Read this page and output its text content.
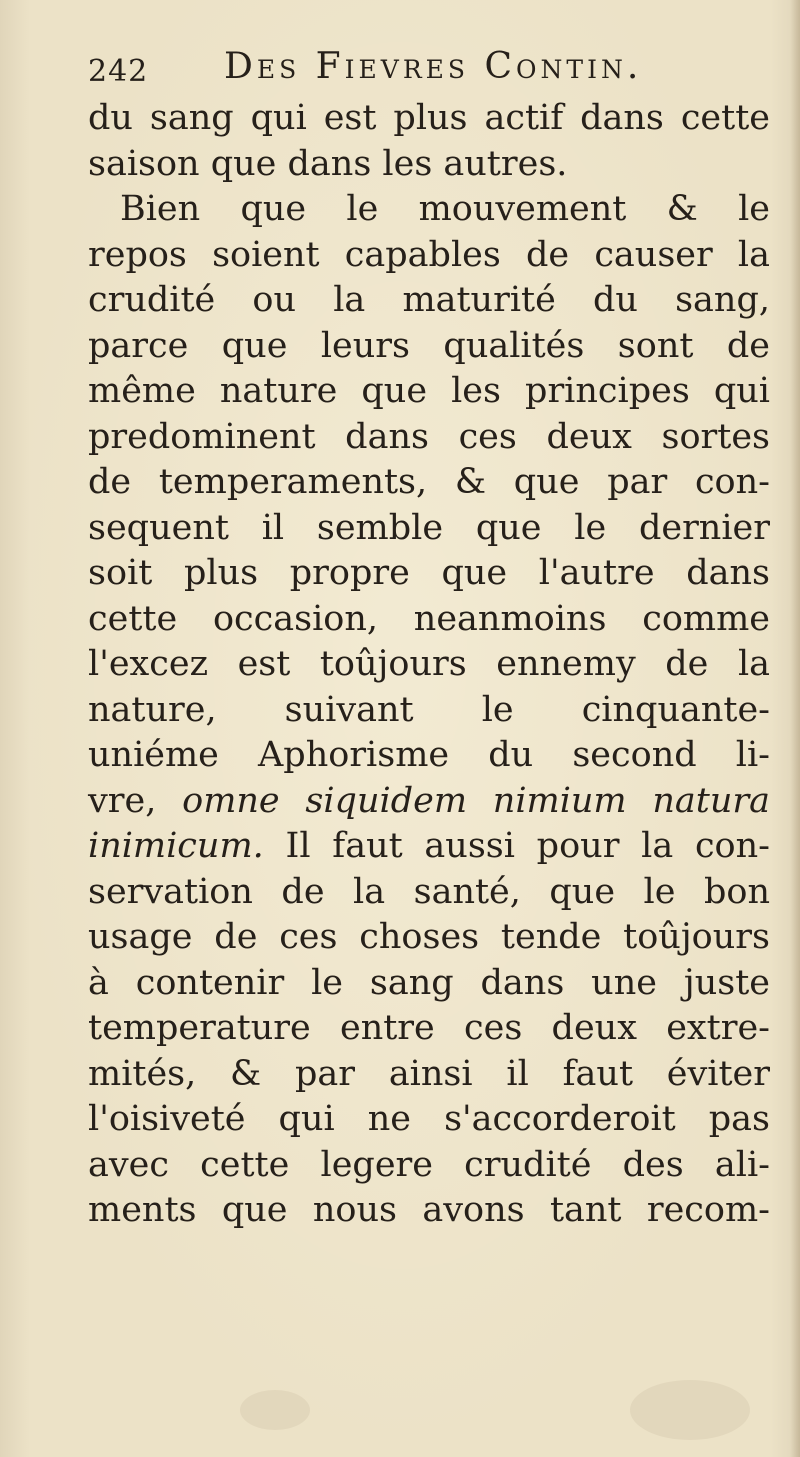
242 Des Fievres Contin.
du sang qui est plus actif dans cette
saison que dans les autres.
Bien que le mouvement & le
repos soient capables de causer la
crudité ou la maturité du sang,
parce que leurs qualités sont de
même nature que les principes qui
predominent dans ces deux sortes
de temperaments, & que par con-
sequent il semble que le dernier
soit plus propre que l'autre dans
cette occasion, neanmoins comme
l'excez est toûjours ennemy de la
nature, suivant le cinquante-
uniéme Aphorisme du second li-
vre, omne siquidem nimium natura
inimicum. Il faut aussi pour la con-
servation de la santé, que le bon
usage de ces choses tende toûjours
à contenir le sang dans une juste
temperature entre ces deux extre-
mités, & par ainsi il faut éviter
l'oisiveté qui ne s'accorderoit pas
avec cette legere crudité des ali-
ments que nous avons tant recom-
